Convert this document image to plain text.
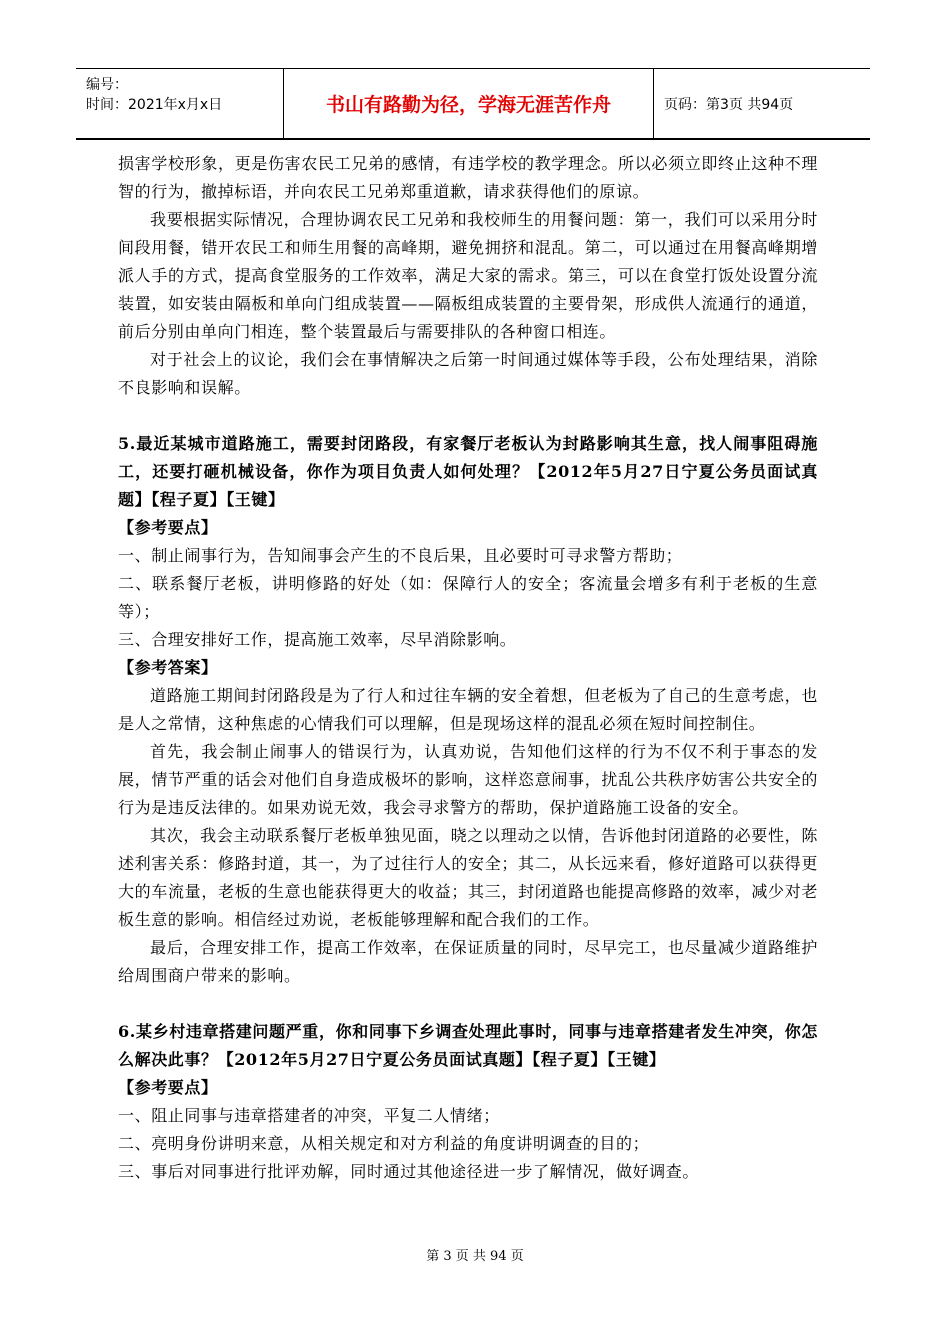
编号：
时间：2021年x月x日	书山有路勤为径，学海无涯苦作舟	页码：第3页 共94页

损害学校形象，更是伤害农民工兄弟的感情，有违学校的教学理念。所以必须立即终止这种不理智的行为，撤掉标语，并向农民工兄弟郑重道歉，请求获得他们的原谅。

我要根据实际情况，合理协调农民工兄弟和我校师生的用餐问题：第一，我们可以采用分时间段用餐，错开农民工和师生用餐的高峰期，避免拥挤和混乱。第二，可以通过在用餐高峰期增派人手的方式，提高食堂服务的工作效率，满足大家的需求。第三，可以在食堂打饭处设置分流装置，如安装由隔板和单向门组成装置——隔板组成装置的主要骨架，形成供人流通行的通道，前后分别由单向门相连，整个装置最后与需要排队的各种窗口相连。

对于社会上的议论，我们会在事情解决之后第一时间通过媒体等手段，公布处理结果，消除不良影响和误解。

5.最近某城市道路施工，需要封闭路段，有家餐厅老板认为封路影响其生意，找人闹事阻碍施工，还要打砸机械设备，你作为项目负责人如何处理？【2012年5月27日宁夏公务员面试真题】【程子夏】【王键】

【参考要点】

一、制止闹事行为，告知闹事会产生的不良后果，且必要时可寻求警方帮助；

二、联系餐厅老板，讲明修路的好处（如：保障行人的安全；客流量会增多有利于老板的生意等）；

三、合理安排好工作，提高施工效率，尽早消除影响。

【参考答案】

道路施工期间封闭路段是为了行人和过往车辆的安全着想，但老板为了自己的生意考虑，也是人之常情，这种焦虑的心情我们可以理解，但是现场这样的混乱必须在短时间控制住。

首先，我会制止闹事人的错误行为，认真劝说，告知他们这样的行为不仅不利于事态的发展，情节严重的话会对他们自身造成极坏的影响，这样恣意闹事，扰乱公共秩序妨害公共安全的行为是违反法律的。如果劝说无效，我会寻求警方的帮助，保护道路施工设备的安全。

其次，我会主动联系餐厅老板单独见面，晓之以理动之以情，告诉他封闭道路的必要性，陈述利害关系：修路封道，其一，为了过往行人的安全；其二，从长远来看，修好道路可以获得更大的车流量，老板的生意也能获得更大的收益；其三，封闭道路也能提高修路的效率，减少对老板生意的影响。相信经过劝说，老板能够理解和配合我们的工作。

最后，合理安排工作，提高工作效率，在保证质量的同时，尽早完工，也尽量减少道路维护给周围商户带来的影响。

6.某乡村违章搭建问题严重，你和同事下乡调查处理此事时，同事与违章搭建者发生冲突，你怎么解决此事？【2012年5月27日宁夏公务员面试真题】【程子夏】【王键】

【参考要点】

一、阻止同事与违章搭建者的冲突，平复二人情绪；

二、亮明身份讲明来意，从相关规定和对方利益的角度讲明调查的目的；

三、事后对同事进行批评劝解，同时通过其他途径进一步了解情况，做好调查。

第 3 页 共 94 页
